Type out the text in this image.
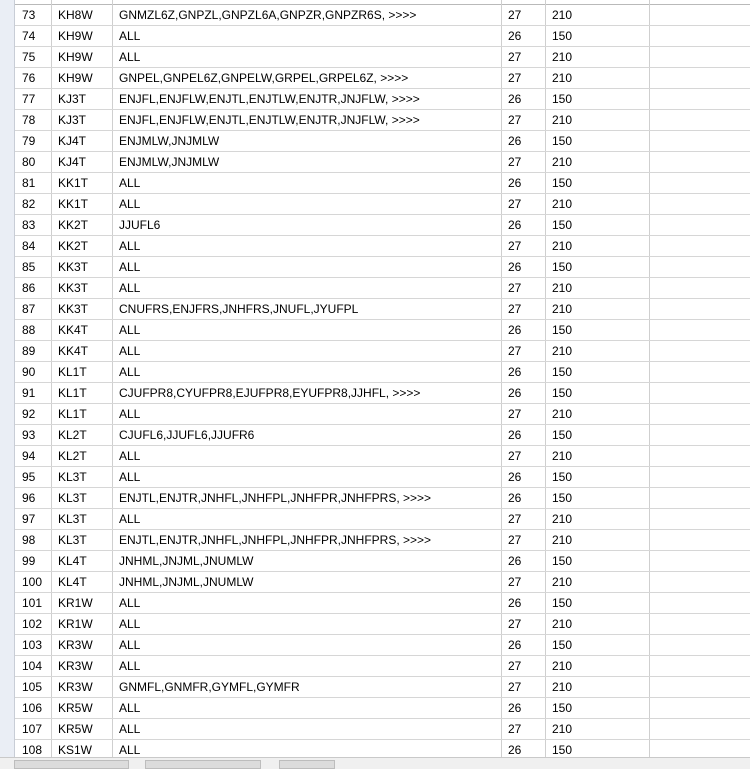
73	KH8W	GNMZL6Z,GNPZL,GNPZL6A,GNPZR,GNPZR6S, >>>>	27	210
74	KH9W	ALL	26	150
75	KH9W	ALL	27	210
76	KH9W	GNPEL,GNPEL6Z,GNPELW,GRPEL,GRPEL6Z, >>>>	27	210
77	KJ3T	ENJFL,ENJFLW,ENJTL,ENJTLW,ENJTR,JNJFLW, >>>>	26	150
78	KJ3T	ENJFL,ENJFLW,ENJTL,ENJTLW,ENJTR,JNJFLW, >>>>	27	210
79	KJ4T	ENJMLW,JNJMLW	26	150
80	KJ4T	ENJMLW,JNJMLW	27	210
81	KK1T	ALL	26	150
82	KK1T	ALL	27	210
83	KK2T	JJUFL6	26	150
84	KK2T	ALL	27	210
85	KK3T	ALL	26	150
86	KK3T	ALL	27	210
87	KK3T	CNUFRS,ENJFRS,JNHFRS,JNUFL,JYUFPL	27	210
88	KK4T	ALL	26	150
89	KK4T	ALL	27	210
90	KL1T	ALL	26	150
91	KL1T	CJUFPR8,CYUFPR8,EJUFPR8,EYUFPR8,JJHFL, >>>>	26	150
92	KL1T	ALL	27	210
93	KL2T	CJUFL6,JJUFL6,JJUFR6	26	150
94	KL2T	ALL	27	210
95	KL3T	ALL	26	150
96	KL3T	ENJTL,ENJTR,JNHFL,JNHFPL,JNHFPR,JNHFPRS, >>>>	26	150
97	KL3T	ALL	27	210
98	KL3T	ENJTL,ENJTR,JNHFL,JNHFPL,JNHFPR,JNHFPRS, >>>>	27	210
99	KL4T	JNHML,JNJML,JNUMLW	26	150
100	KL4T	JNHML,JNJML,JNUMLW	27	210
101	KR1W	ALL	26	150
102	KR1W	ALL	27	210
103	KR3W	ALL	26	150
104	KR3W	ALL	27	210
105	KR3W	GNMFL,GNMFR,GYMFL,GYMFR	27	210
106	KR5W	ALL	26	150
107	KR5W	ALL	27	210
108	KS1W	ALL	26	150
